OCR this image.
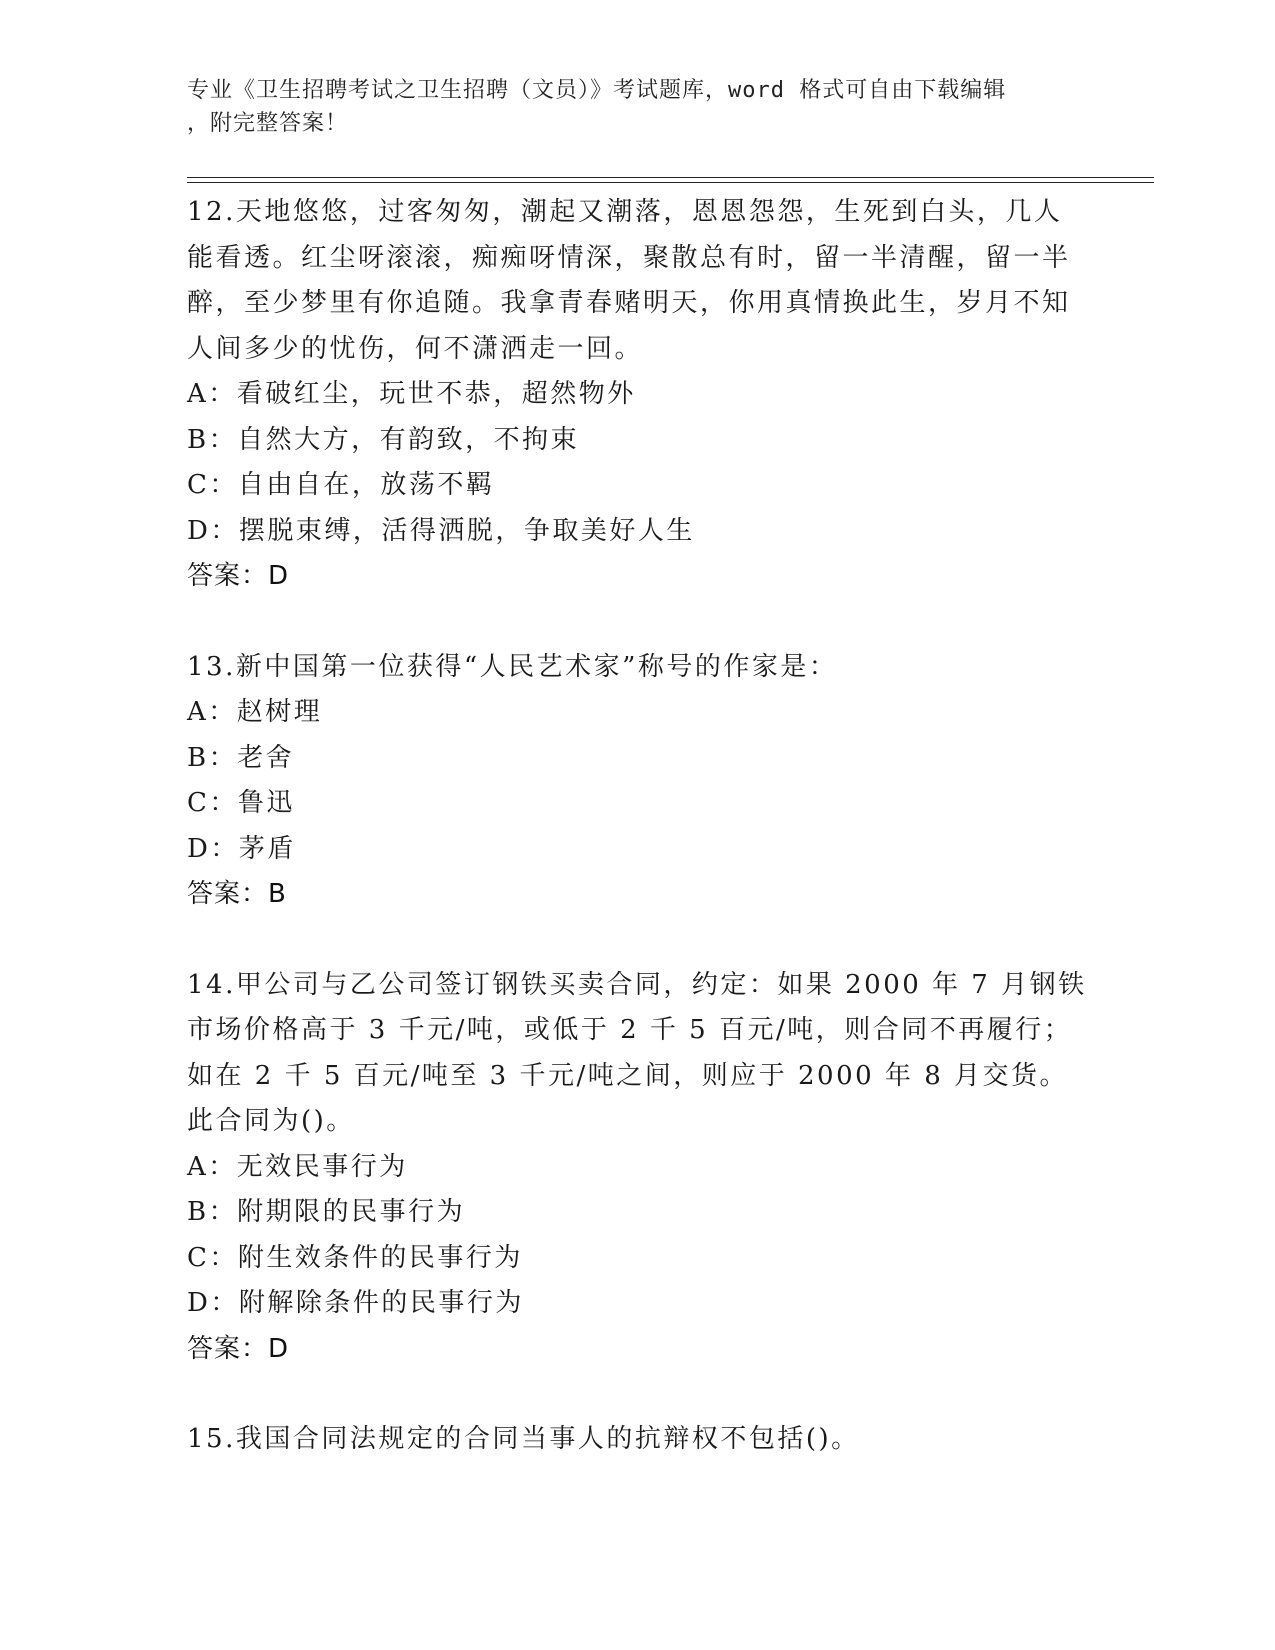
专业《卫生招聘考试之卫生招聘（文员）》考试题库，word 格式可自由下载编辑
，附完整答案！

12.天地悠悠，过客匆匆，潮起又潮落，恩恩怨怨，生死到白头，几人能看透。红尘呀滚滚，痴痴呀情深，聚散总有时，留一半清醒，留一半醉，至少梦里有你追随。我拿青春赌明天，你用真情换此生，岁月不知人间多少的忧伤，何不潇洒走一回。

A：看破红尘，玩世不恭，超然物外

B：自然大方，有韵致，不拘束

C：自由自在，放荡不羁

D：摆脱束缚，活得洒脱，争取美好人生

答案：D

13.新中国第一位获得“人民艺术家”称号的作家是：

A：赵树理

B：老舍

C：鲁迅

D：茅盾

答案：B

14.甲公司与乙公司签订钢铁买卖合同，约定：如果 2000 年 7 月钢铁市场价格高于 3 千元/吨，或低于 2 千 5 百元/吨，则合同不再履行；如在 2 千 5 百元/吨至 3 千元/吨之间，则应于 2000 年 8 月交货。此合同为()。

A：无效民事行为

B：附期限的民事行为

C：附生效条件的民事行为

D：附解除条件的民事行为

答案：D

15.我国合同法规定的合同当事人的抗辩权不包括()。
